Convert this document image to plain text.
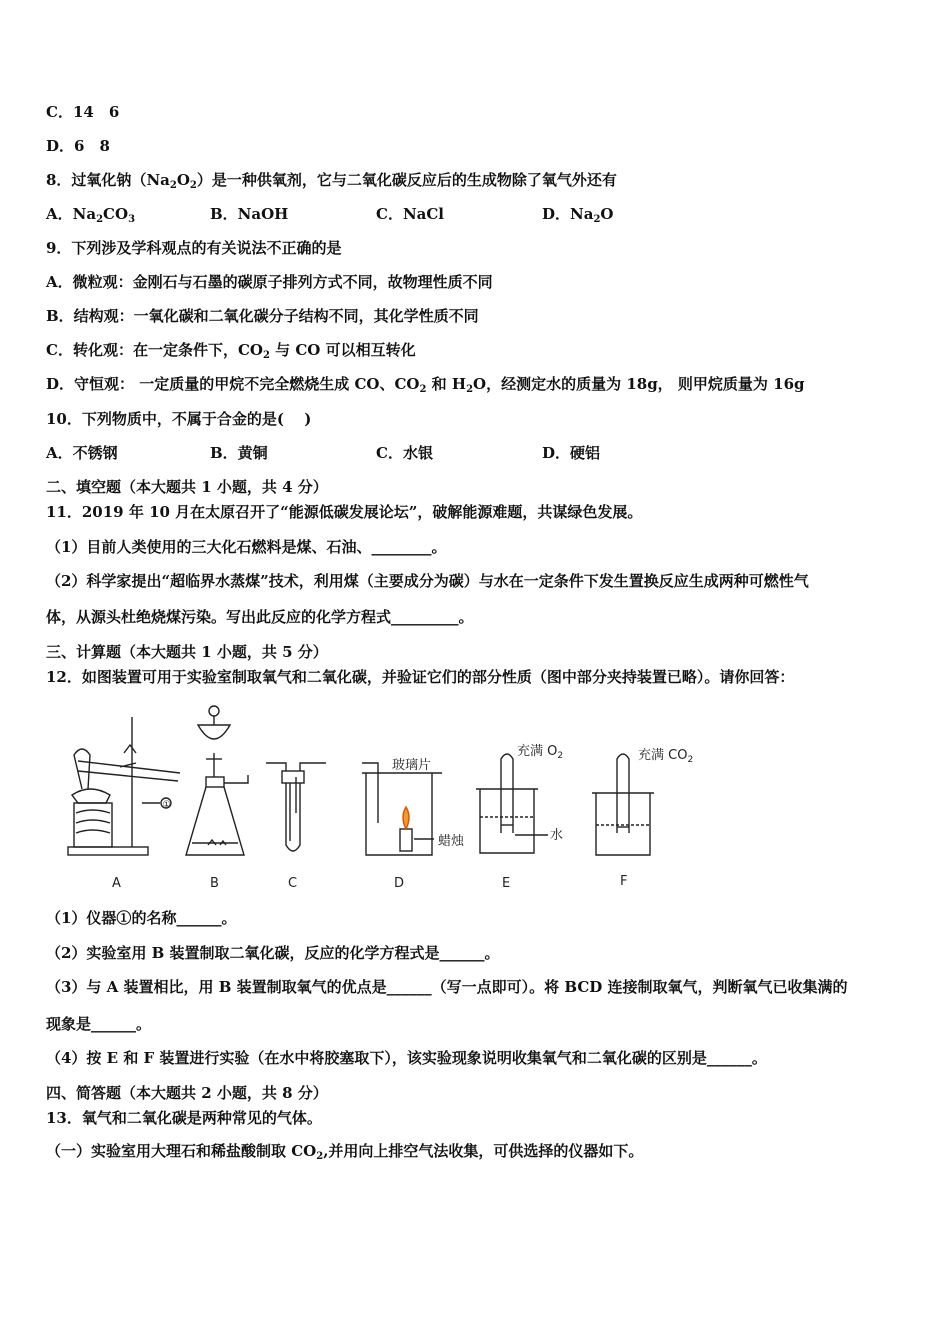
C．14　6
D．6　8
8．过氧化钠$(Na_2O_2)$是一种供氧剂，它与二氧化碳反应后的生成物除了氧气外还有
A．$Na_2CO_3$	B．NaOH	C．NaCl	D．$Na_2O$
9．下列涉及学科观点的有关说法不正确的是
A．微粒观：金刚石与石墨的碳原子排列方式不同，故物理性质不同
B．结构观：一氧化碳和二氧化碳分子结构不同，其化学性质不同
C．转化观：在一定条件下，$CO_2$ 与 CO 可以相互转化
D．守恒观： 一定质量的甲烷不完全燃烧生成 CO、$CO_2$ 和 $H_2O$，经测定水的质量为 18g， 则甲烷质量为 16g
10．下列物质中，不属于合金的是(　 )
A．不锈钢	B．黄铜	C．水银	D．硬铝
二、填空题（本大题共 1 小题，共 4 分）
11．2019 年 10 月在太原召开了“能源低碳发展论坛”，破解能源难题，共谋绿色发展。
（1）目前人类使用的三大化石燃料是煤、石油、________。
（2）科学家提出“超临界水蒸煤”技术，利用煤（主要成分为碳）与水在一定条件下发生置换反应生成两种可燃性气
体，从源头杜绝烧煤污染。写出此反应的化学方程式_________。
三、计算题（本大题共 1 小题，共 5 分）
12．如图装置可用于实验室制取氧气和二氧化碳，并验证它们的部分性质（图中部分夹持装置已略）。请你回答：
①
A	B	C
玻璃片
蜡烛
D
充满 $O_2$
水
E
充满 $CO_2$
F
（1）仪器①的名称______。
（2）实验室用 B 装置制取二氧化碳，反应的化学方程式是______。
（3）与 A 装置相比，用 B 装置制取氧气的优点是______（写一点即可）。将 BCD 连接制取氧气，判断氧气已收集满的
现象是______。
（4）按 E 和 F 装置进行实验（在水中将胶塞取下），该实验现象说明收集氧气和二氧化碳的区别是______。
四、简答题（本大题共 2 小题，共 8 分）
13．氧气和二氧化碳是两种常见的气体。
（一）实验室用大理石和稀盐酸制取 $CO_2$,并用向上排空气法收集，可供选择的仪器如下。
